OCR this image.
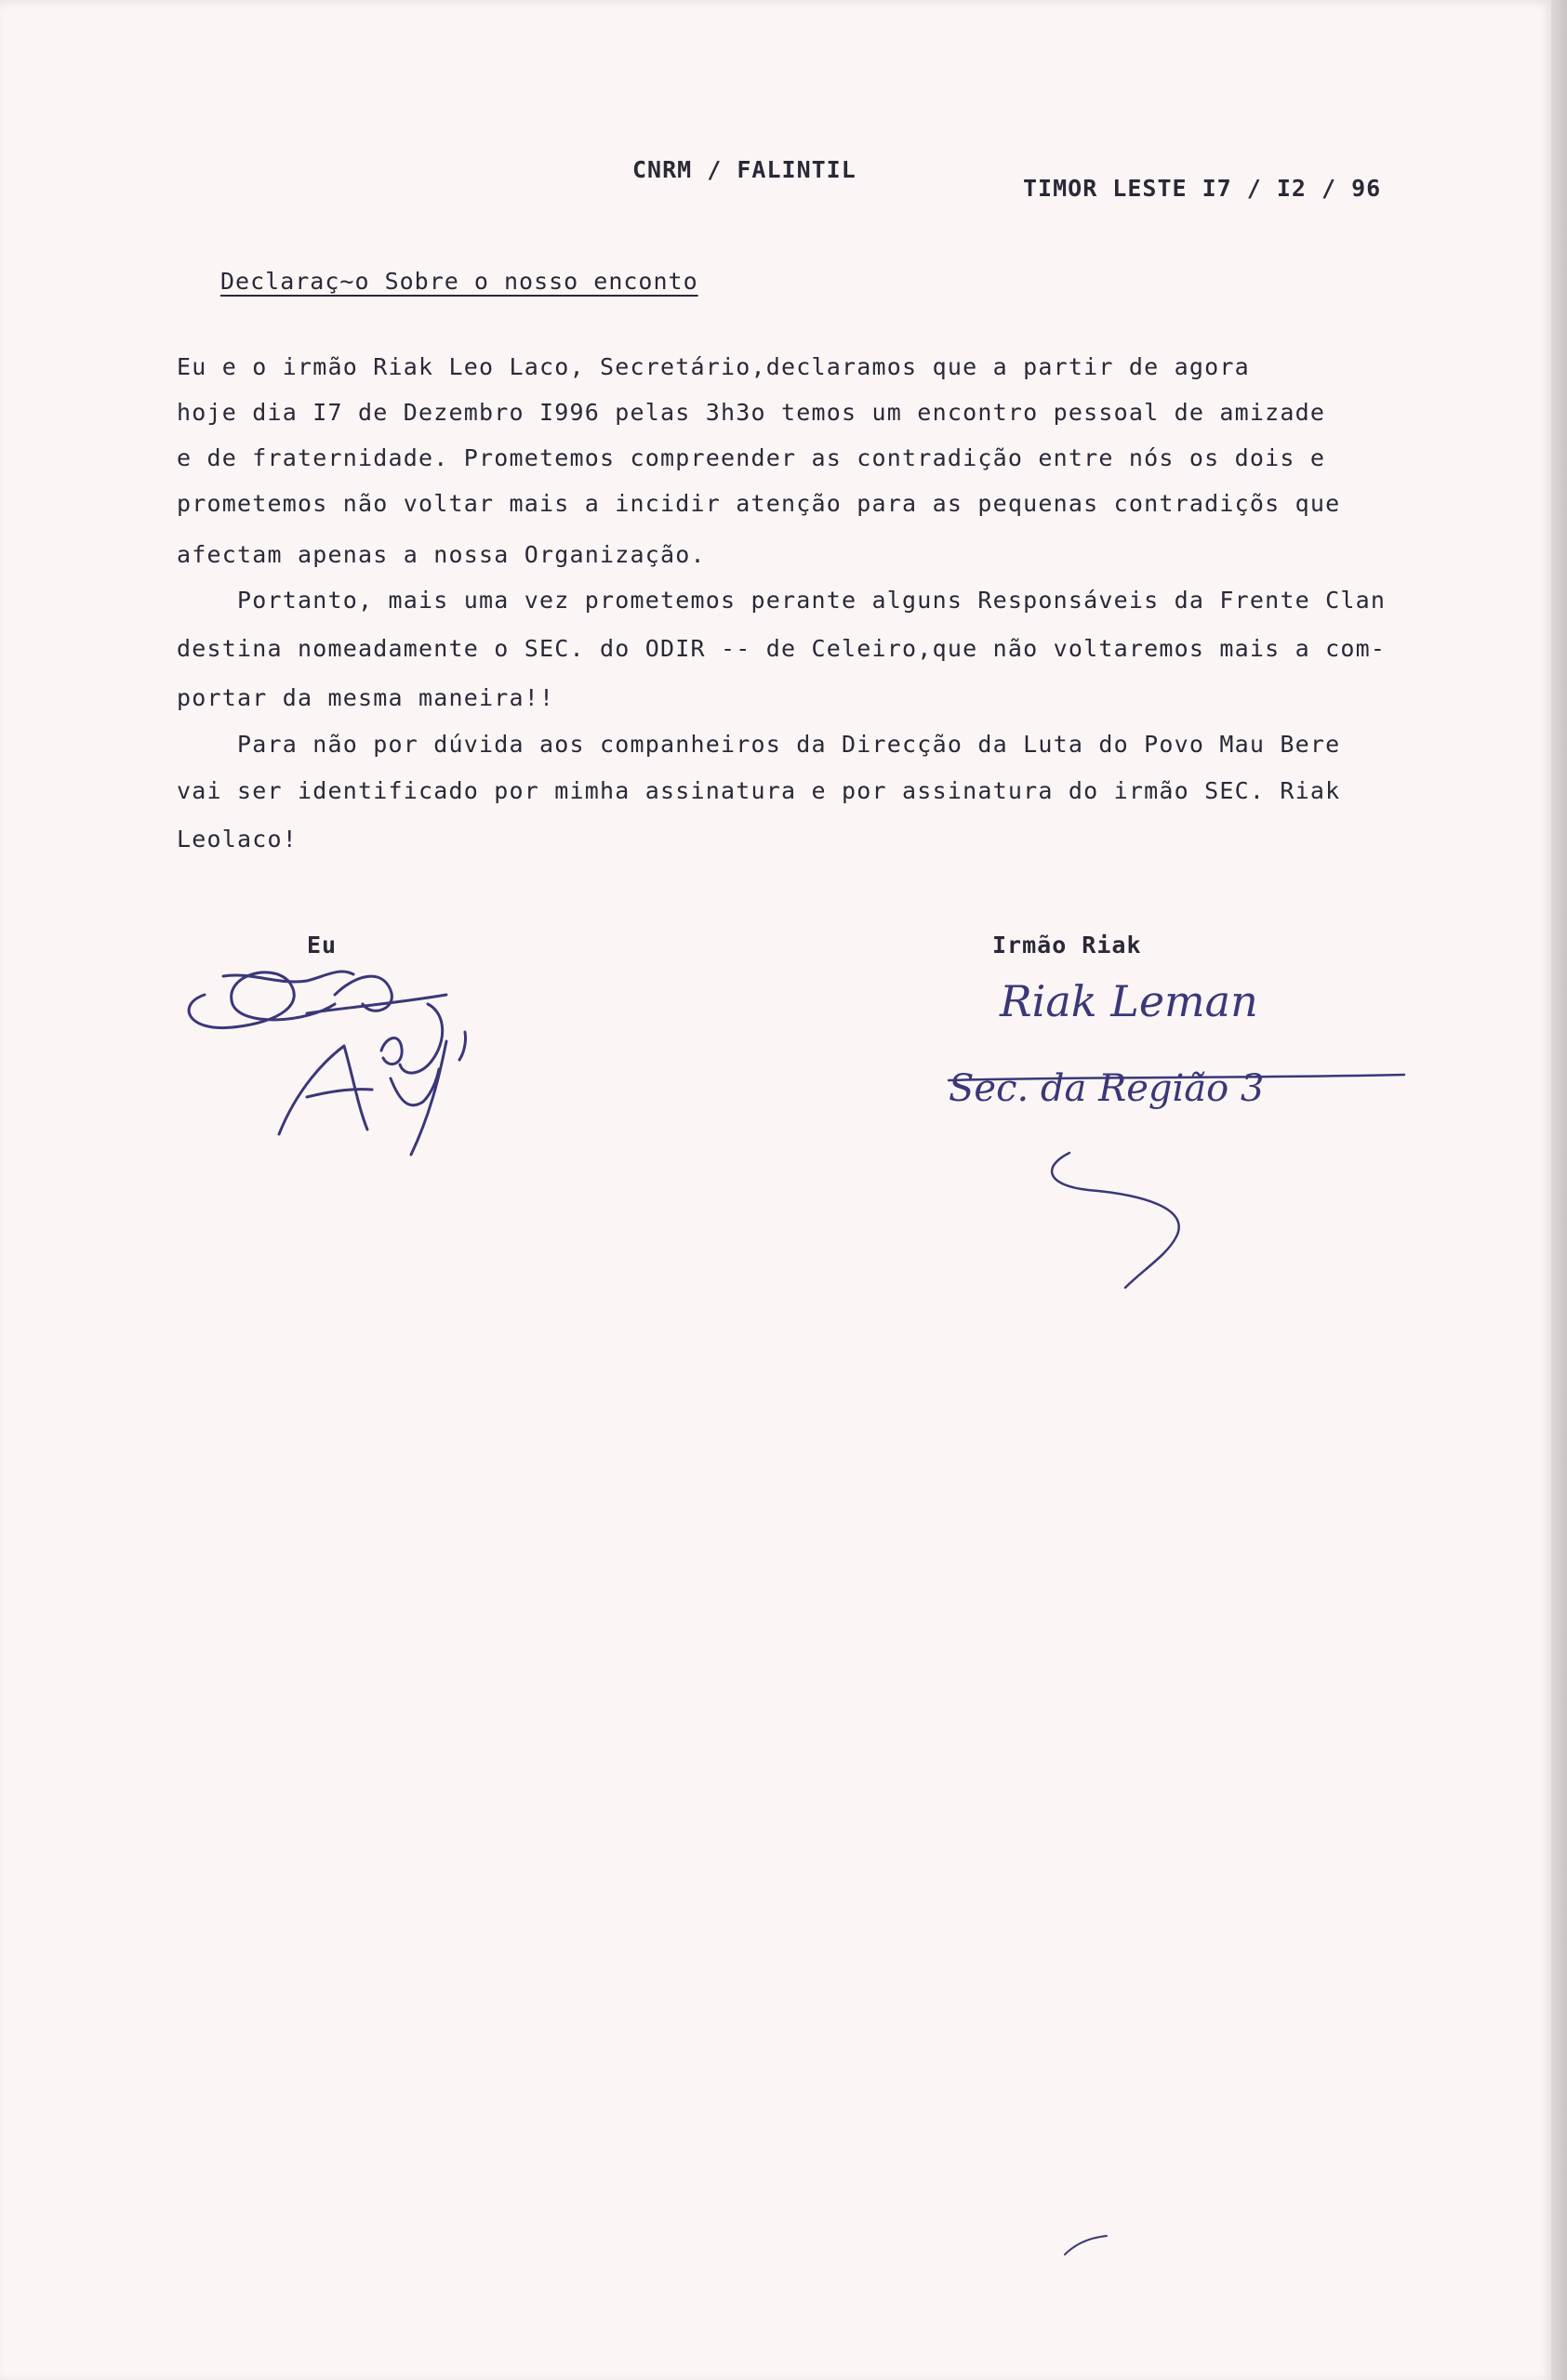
CNRM / FALINTIL
TIMOR LESTE I7 / I2 / 96
Declaraç~o Sobre o nosso enconto
Eu e o irmão Riak Leo Laco, Secretário,declaramos que a partir de agora
hoje dia I7 de Dezembro I996 pelas 3h3o temos um encontro pessoal de amizade
e de fraternidade. Prometemos compreender as contradição entre nós os dois e
prometemos não voltar mais a incidir atenção para as pequenas contradiçõs que
afectam apenas a nossa Organização.
Portanto, mais uma vez prometemos perante alguns Responsáveis da Frente Clan
destina nomeadamente o SEC. do ODIR -- de Celeiro,que não voltaremos mais a com-
portar da mesma maneira!!
Para não por dúvida aos companheiros da Direcção da Luta do Povo Mau Bere
vai ser identificado por mimha assinatura e por assinatura do irmão SEC. Riak
Leolaco!
Eu	Irmão Riak
Riak Leman
Sec. da Região 3
